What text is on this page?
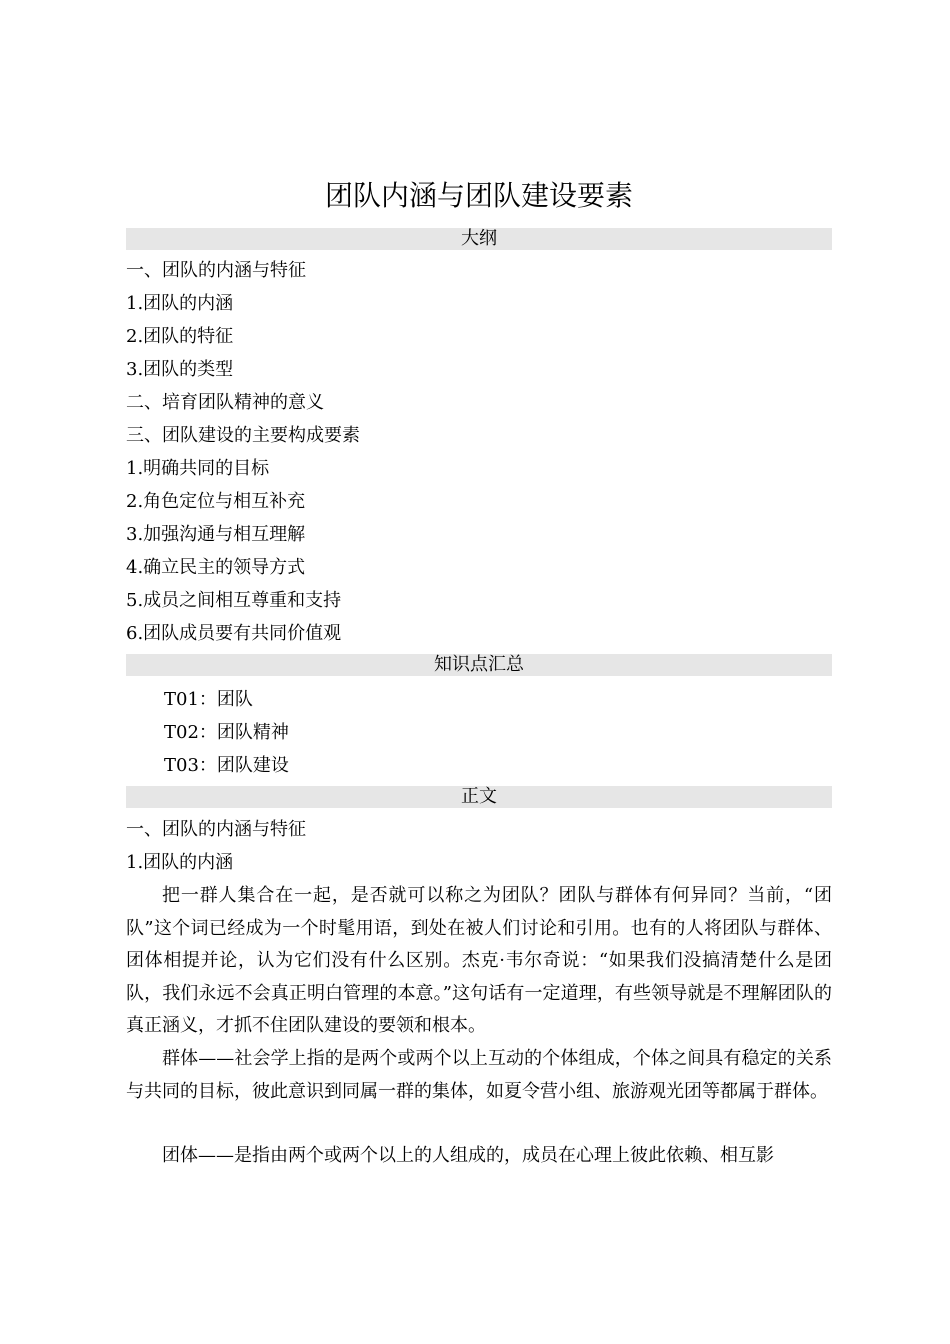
团队内涵与团队建设要素
大纲
一、团队的内涵与特征
1.团队的内涵
2.团队的特征
3.团队的类型
二、培育团队精神的意义
三、团队建设的主要构成要素
1.明确共同的目标
2.角色定位与相互补充
3.加强沟通与相互理解
4.确立民主的领导方式
5.成员之间相互尊重和支持
6.团队成员要有共同价值观
知识点汇总
T01：团队
T02：团队精神
T03：团队建设
正文
一、团队的内涵与特征
1.团队的内涵
把一群人集合在一起，是否就可以称之为团队？团队与群体有何异同？当前，“团队”这个词已经成为一个时髦用语，到处在被人们讨论和引用。也有的人将团队与群体、团体相提并论，认为它们没有什么区别。杰克·韦尔奇说：“如果我们没搞清楚什么是团队，我们永远不会真正明白管理的本意。”这句话有一定道理，有些领导就是不理解团队的真正涵义，才抓不住团队建设的要领和根本。
群体——社会学上指的是两个或两个以上互动的个体组成，个体之间具有稳定的关系与共同的目标，彼此意识到同属一群的集体，如夏令营小组、旅游观光团等都属于群体。
团体——是指由两个或两个以上的人组成的，成员在心理上彼此依赖、相互影
